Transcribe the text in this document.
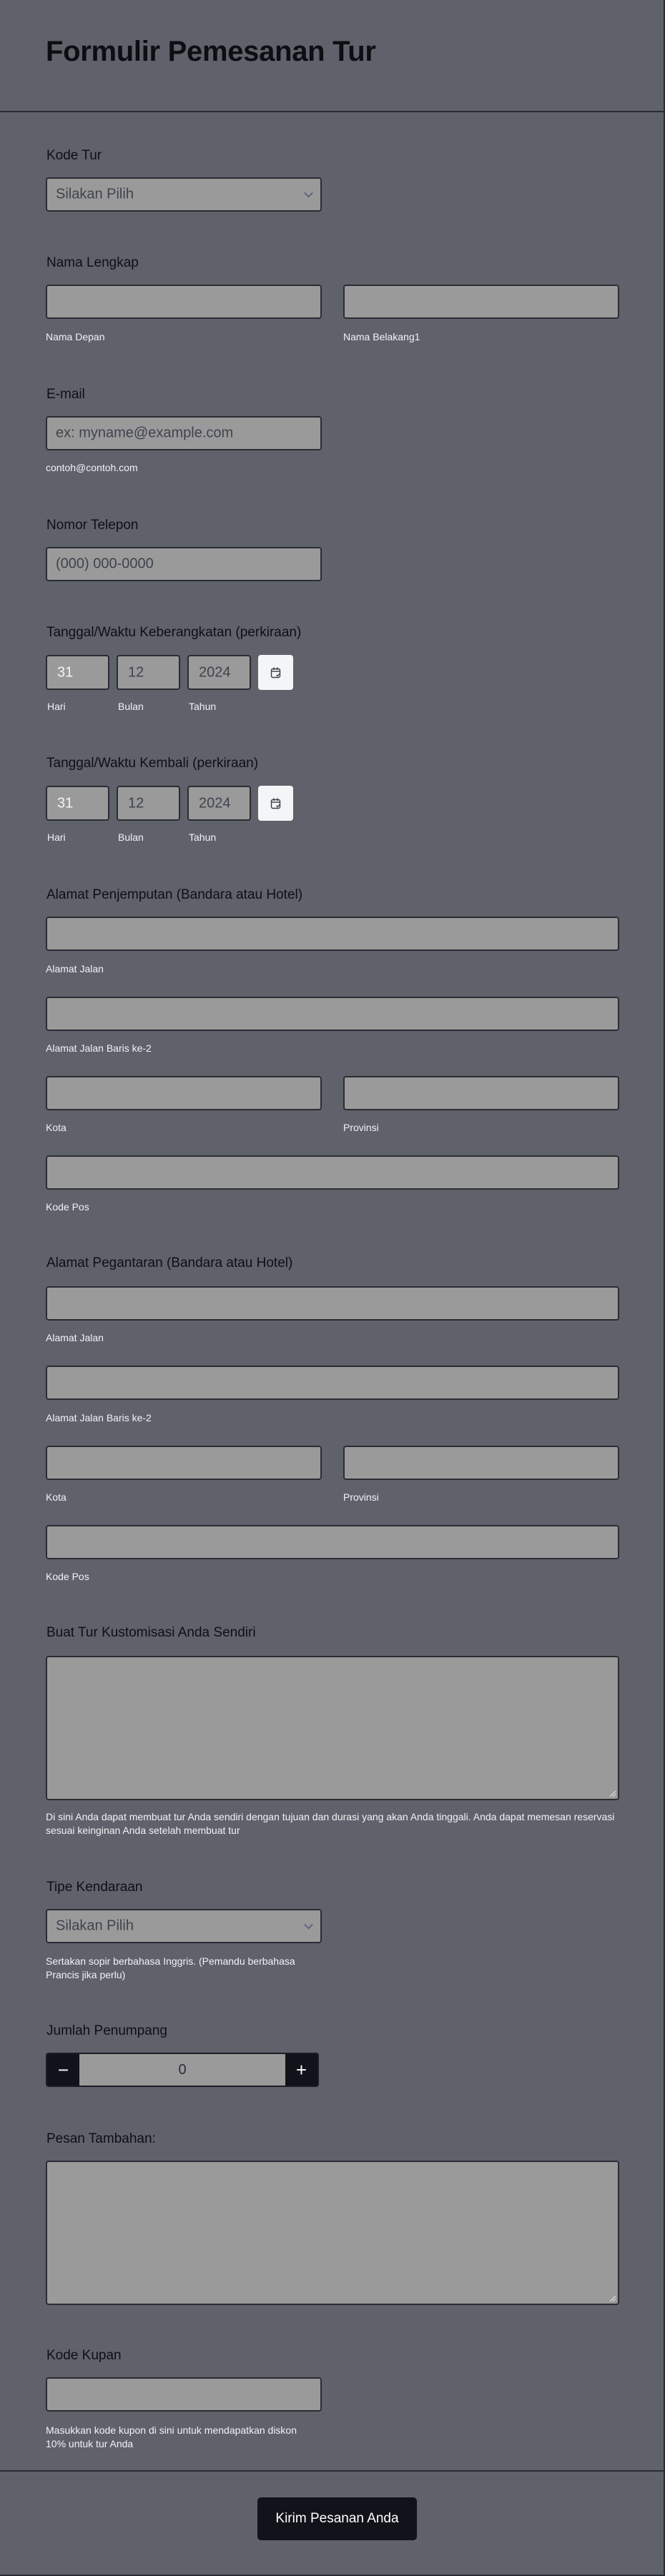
Formulir Pemesanan Tur
Kode Tur
Silakan Pilih
Nama Lengkap
Nama Depan	Nama Belakang1
E-mail
ex: myname@example.com
contoh@contoh.com
Nomor Telepon
(000) 000-0000
Tanggal/Waktu Keberangkatan (perkiraan)
31	12	2024
Hari	Bulan	Tahun
Tanggal/Waktu Kembali (perkiraan)
31	12	2024
Hari	Bulan	Tahun
Alamat Penjemputan (Bandara atau Hotel)
Alamat Jalan
Alamat Jalan Baris ke-2
Kota	Provinsi
Kode Pos
Alamat Pegantaran (Bandara atau Hotel)
Alamat Jalan
Alamat Jalan Baris ke-2
Kota	Provinsi
Kode Pos
Buat Tur Kustomisasi Anda Sendiri
Di sini Anda dapat membuat tur Anda sendiri dengan tujuan dan durasi yang akan Anda tinggali. Anda dapat memesan reservasi sesuai keinginan Anda setelah membuat tur
Tipe Kendaraan
Silakan Pilih
Sertakan sopir berbahasa Inggris. (Pemandu berbahasa Prancis jika perlu)
Jumlah Penumpang
−	0	+
Pesan Tambahan:
Kode Kupan
Masukkan kode kupon di sini untuk mendapatkan diskon 10% untuk tur Anda
Kirim Pesanan Anda
